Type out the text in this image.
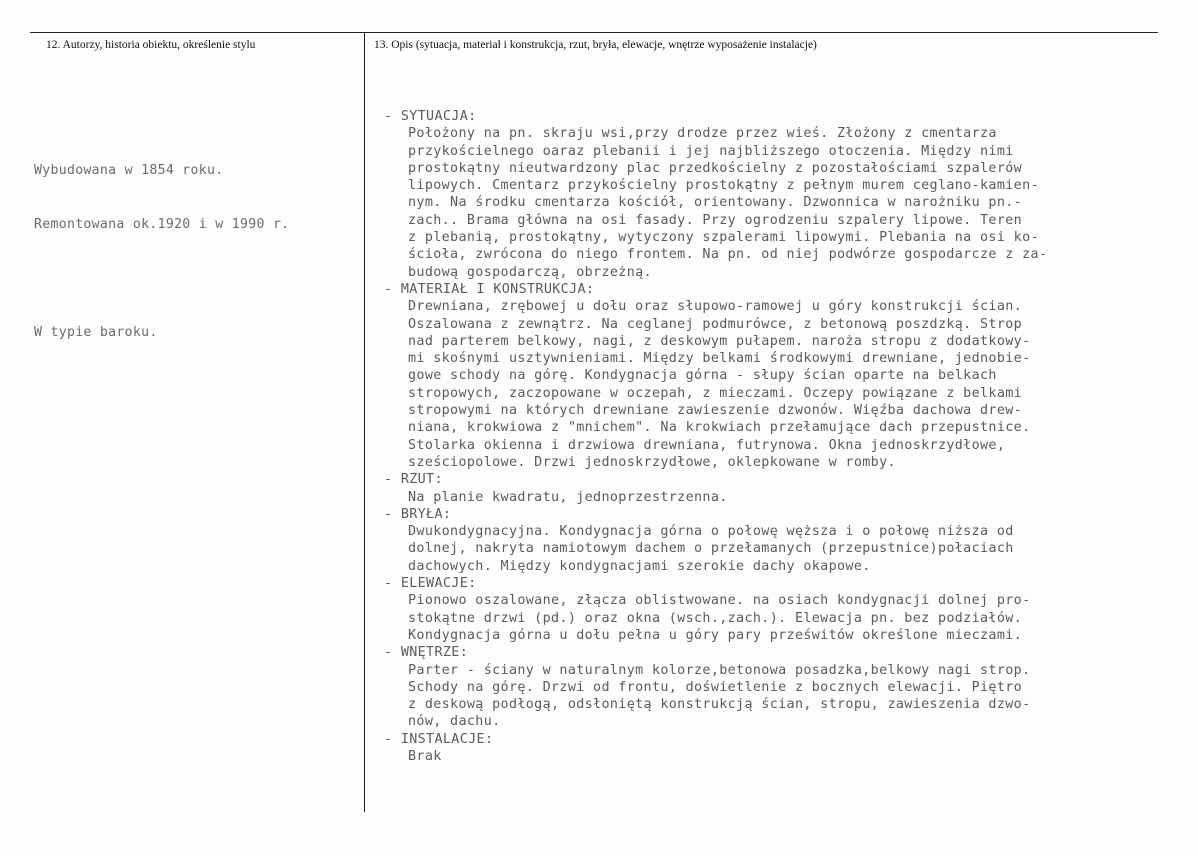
12. Autorzy, historia obiektu, określenie stylu	13. Opis (sytuacja, materiał i konstrukcja, rzut, bryła, elewacje, wnętrze wyposażenie instalacje)

Wybudowana w 1854 roku.

Remontowana ok.1920 i w 1990 r.

W typie baroku.

- SYTUACJA:
Położony na pn. skraju wsi,przy drodze przez wieś. Złożony z cmentarza
przykościelnego oaraz plebanii i jej najbliższego otoczenia. Między nimi
prostokątny nieutwardzony plac przedkościelny z pozostałościami szpalerów
lipowych. Cmentarz przykościelny prostokątny z pełnym murem ceglano-kamien-
nym. Na środku cmentarza kościół, orientowany. Dzwonnica w narożniku pn.-
zach.. Brama główna na osi fasady. Przy ogrodzeniu szpalery lipowe. Teren
z plebanią, prostokątny, wytyczony szpalerami lipowymi. Plebania na osi ko-
ścioła, zwrócona do niego frontem. Na pn. od niej podwórze gospodarcze z za-
budową gospodarczą, obrzeżną.
- MATERIAŁ I KONSTRUKCJA:
Drewniana, zrębowej u dołu oraz słupowo-ramowej u góry konstrukcji ścian.
Oszalowana z zewnątrz. Na ceglanej podmurówce, z betonową poszdzką. Strop
nad parterem belkowy, nagi, z deskowym pułapem. naroża stropu z dodatkowy-
mi skośnymi usztywnieniami. Między belkami środkowymi drewniane, jednobie-
gowe schody na górę. Kondygnacja górna - słupy ścian oparte na belkach
stropowych, zaczopowane w oczepah, z mieczami. Oczepy powiązane z belkami
stropowymi na których drewniane zawieszenie dzwonów. Więźba dachowa drew-
niana, krokwiowa z "mnichem". Na krokwiach przełamujące dach przepustnice.
Stolarka okienna i drzwiowa drewniana, futrynowa. Okna jednoskrzydłowe,
sześciopolowe. Drzwi jednoskrzydłowe, oklepkowane w romby.
- RZUT:
Na planie kwadratu, jednoprzestrzenna.
- BRYŁA:
Dwukondygnacyjna. Kondygnacja górna o połowę węższa i o połowę niższa od
dolnej, nakryta namiotowym dachem o przełamanych (przepustnice)połaciach
dachowych. Między kondygnacjami szerokie dachy okapowe.
- ELEWACJE:
Pionowo oszalowane, złącza oblistwowane. na osiach kondygnacji dolnej pro-
stokątne drzwi (pd.) oraz okna (wsch.,zach.). Elewacja pn. bez podziałów.
Kondygnacja górna u dołu pełna u góry pary prześwitów określone mieczami.
- WNĘTRZE:
Parter - ściany w naturalnym kolorze,betonowa posadzka,belkowy nagi strop.
Schody na górę. Drzwi od frontu, doświetlenie z bocznych elewacji. Piętro
z deskową podłogą, odsłoniętą konstrukcją ścian, stropu, zawieszenia dzwo-
nów, dachu.
- INSTALACJE:
Brak
